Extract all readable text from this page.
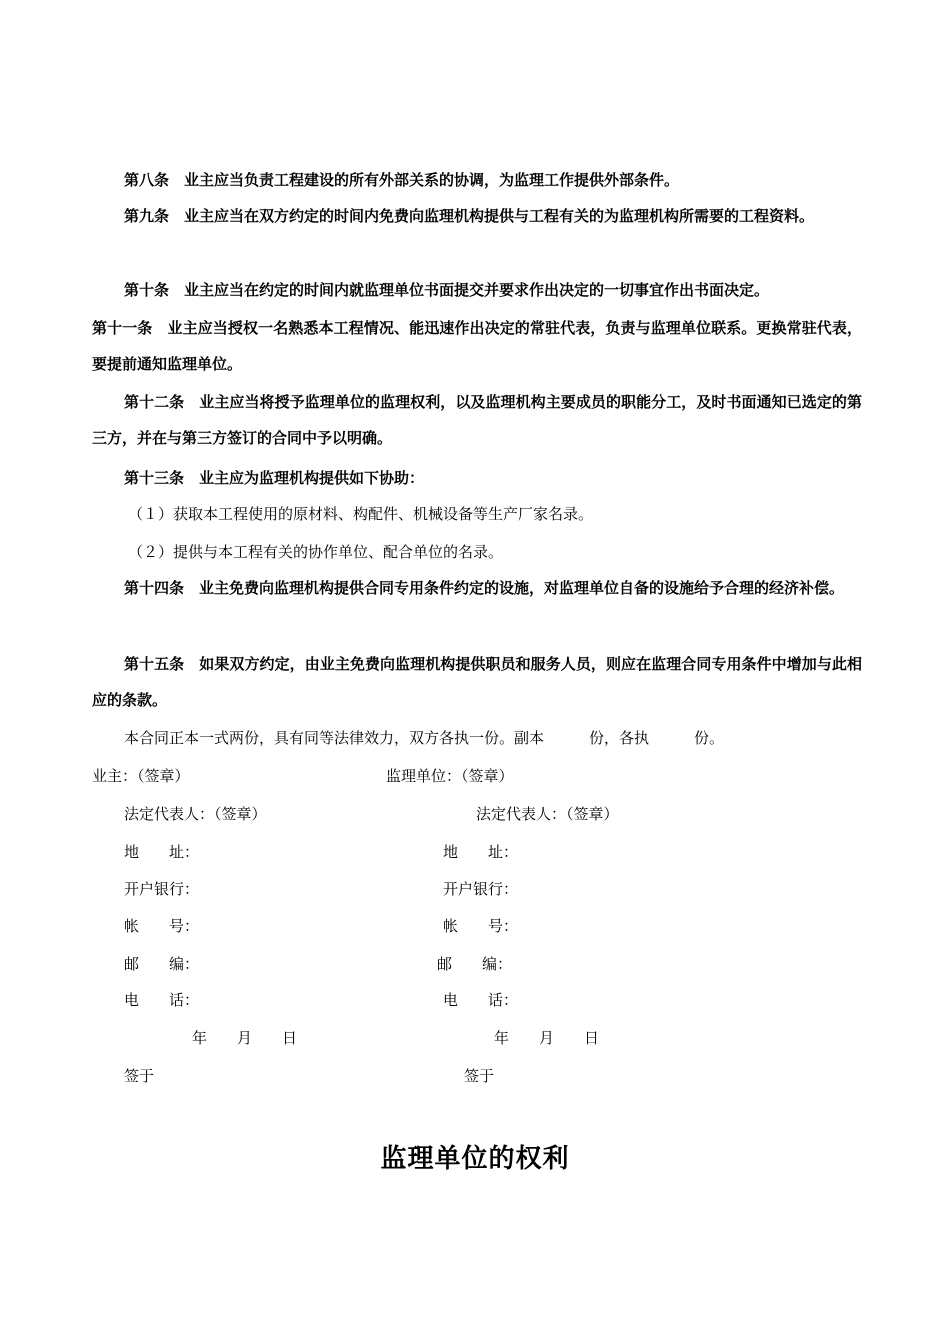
第八条　业主应当负责工程建设的所有外部关系的协调，为监理工作提供外部条件。

第九条　业主应当在双方约定的时间内免费向监理机构提供与工程有关的为监理机构所需要的工程资料。

第十条　业主应当在约定的时间内就监理单位书面提交并要求作出决定的一切事宜作出书面决定。

第十一条　业主应当授权一名熟悉本工程情况、能迅速作出决定的常驻代表，负责与监理单位联系。更换常驻代表，要提前通知监理单位。

第十二条　业主应当将授予监理单位的监理权利，以及监理机构主要成员的职能分工，及时书面通知已选定的第三方，并在与第三方签订的合同中予以明确。

第十三条　业主应为监理机构提供如下协助：

（１）获取本工程使用的原材料、构配件、机械设备等生产厂家名录。

（２）提供与本工程有关的协作单位、配合单位的名录。

第十四条　业主免费向监理机构提供合同专用条件约定的设施，对监理单位自备的设施给予合理的经济补偿。

第十五条　如果双方约定，由业主免费向监理机构提供职员和服务人员，则应在监理合同专用条件中增加与此相应的条款。

本合同正本一式两份，具有同等法律效力，双方各执一份。副本　　　份，各执　　　份。

业主：（签章）
法定代表人：（签章）
地　　址：
开户银行：
帐　　号：
邮　　编：
电　　话：
年　　月　　日
签于
监理单位：（签章）
法定代表人：（签章）
地　　址：
开户银行：
帐　　号：
邮　　编：
电　　话：
年　　月　　日
签于
监理单位的权利
